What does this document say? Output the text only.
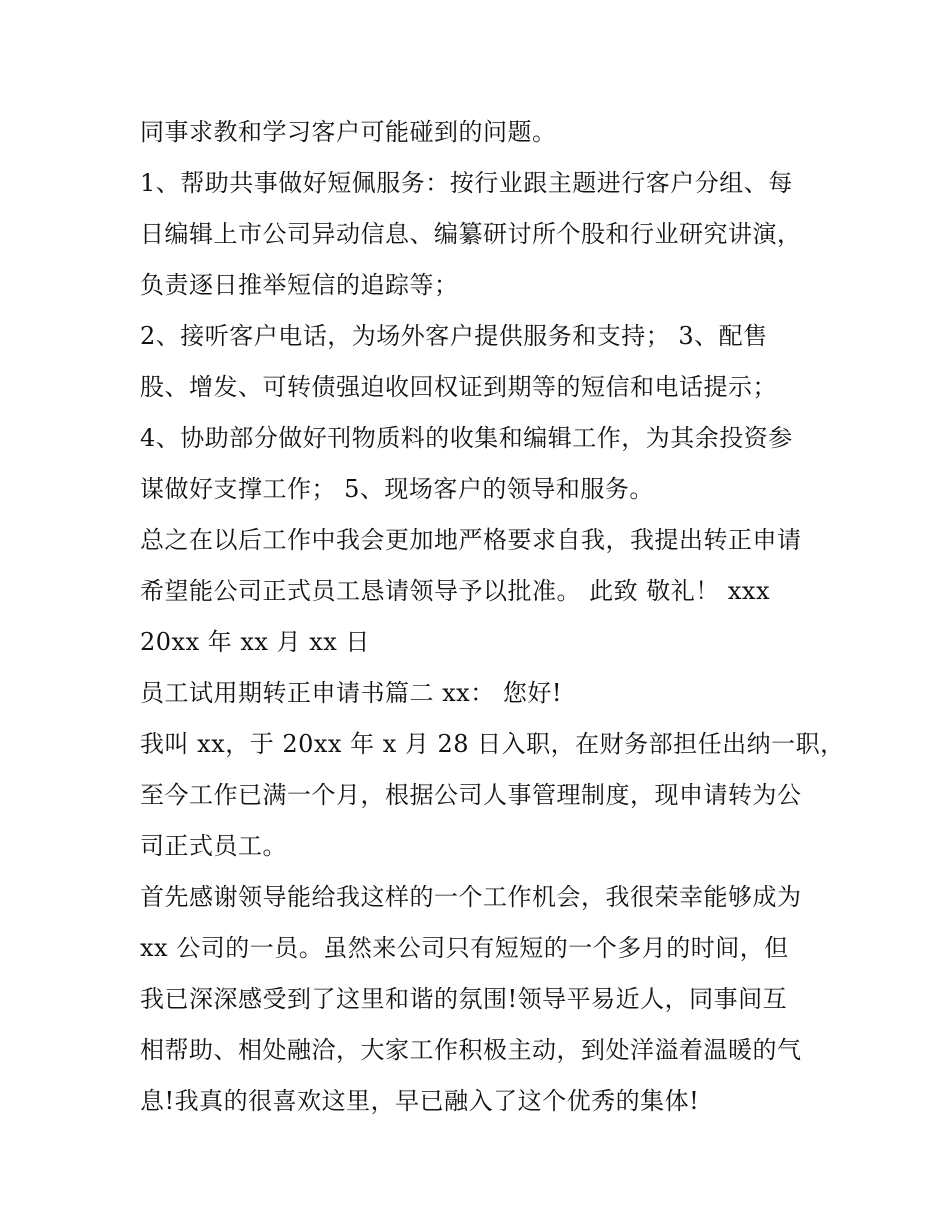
同事求教和学习客户可能碰到的问题。
1、帮助共事做好短佩服务：按行业跟主题进行客户分组、每
日编辑上市公司异动信息、编纂研讨所个股和行业研究讲演，
负责逐日推举短信的追踪等；
2、接听客户电话，为场外客户提供服务和支持； 3、配售
股、增发、可转债强迫收回权证到期等的短信和电话提示；
4、协助部分做好刊物质料的收集和编辑工作，为其余投资参
谋做好支撑工作； 5、现场客户的领导和服务。
总之在以后工作中我会更加地严格要求自我，我提出转正申请
希望能公司正式员工恳请领导予以批准。 此致 敬礼！ xxx
20xx 年 xx 月 xx 日
员工试用期转正申请书篇二 xx： 您好!
我叫 xx，于 20xx 年 x 月 28 日入职，在财务部担任出纳一职，
至今工作已满一个月，根据公司人事管理制度，现申请转为公
司正式员工。
首先感谢领导能给我这样的一个工作机会，我很荣幸能够成为
xx 公司的一员。虽然来公司只有短短的一个多月的时间，但
我已深深感受到了这里和谐的氛围!领导平易近人，同事间互
相帮助、相处融洽，大家工作积极主动，到处洋溢着温暖的气
息!我真的很喜欢这里，早已融入了这个优秀的集体!
